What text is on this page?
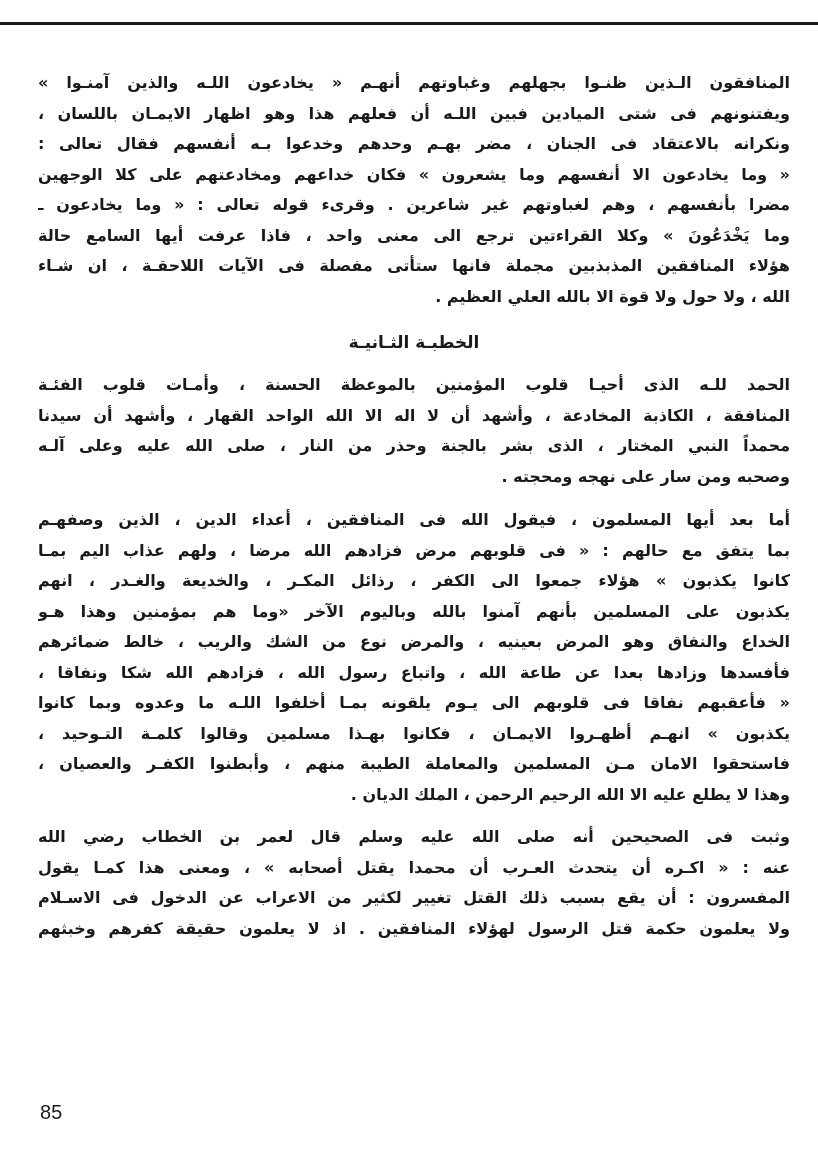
المنافقون الـذين ظنـوا بجهلهم وغباوتهم أنهـم « يخادعون اللـه والذين آمنـوا »
ويفتنونهم فى شتى الميادين فبين اللـه أن فعلهم هذا وهو اظهار الايمـان باللسان ،
ونكرانه بالاعتقاد فى الجنان ، مضر بهـم وحدهم وخدعوا بـه أنفسهم فقال تعالى :
« وما يخادعون الا أنفسهم وما يشعرون » فكان خداعهم ومخادعتهم على كلا الوجهين
مضرا بأنفسهم ، وهم لغباوتهم غير شاعرين . وقرىء قوله تعالى : « وما يخادعون ـ
وما يَخْدَعُونَ » وكلا القراءتين ترجع الى معنى واحد ، فاذا عرفت أيها السامع حالة
هؤلاء المنافقين المذبذبين مجملة فانها ستأتى مفصلة فى الآيات اللاحقـة ، ان شـاء
الله ، ولا حول ولا قوة الا بالله العلي العظيم .
الخطبـة الثـانيـة
الحمد للـه الذى أحيـا قلوب المؤمنين بالموعظة الحسنة ، وأمـات قلوب الفئـة
المنافقة ، الكاذبة المخادعة ، وأشهد أن لا اله الا الله الواحد القهار ، وأشهد أن سيدنا
محمداً النبي المختار ، الذى بشر بالجنة وحذر من النار ، صلى الله عليه وعلى آلـه
وصحبه ومن سار على نهجه ومحجته .
أما بعد أيها المسلمون ، فيقول الله فى المنافقين ، أعداء الدين ، الذين وصفهـم
بما يتفق مع حالهم : « فى قلوبهم مرض فزادهم الله مرضا ، ولهم عذاب اليم بمـا
كانوا يكذبون » هؤلاء جمعوا الى الكفر ، رذائل المكـر ، والخديعة والغـدر ، انهم
يكذبون على المسلمين بأنهم آمنوا بالله وباليوم الآخر «وما هم بمؤمنين وهذا هـو
الخداع والنفاق وهو المرض بعينيه ، والمرض نوع من الشك والريب ، خالط ضمائرهم
فأفسدها وزادها بعدا عن طاعة الله ، واتباع رسول الله ، فزادهم الله شكا ونفاقا ،
« فأعقبهم نفاقا فى قلوبهم الى يـوم يلقونه بمـا أخلفوا اللـه ما وعدوه وبما كانوا
يكذبون » انهـم أظهـروا الايمـان ، فكانوا بهـذا مسلمين وقالوا كلمـة التـوحيد ،
فاستحقوا الامان مـن المسلمين والمعاملة الطيبة منهم ، وأبطنوا الكفـر والعصيان ،
وهذا لا يطلع عليه الا الله الرحيم الرحمن ، الملك الديان .
وثبت فى الصحيحين أنه صلى الله عليه وسلم قال لعمر بن الخطاب رضي الله
عنه : « اكـره أن يتحدث العـرب أن محمدا يقتل أصحابه » ، ومعنى هذا كمـا يقول
المفسرون : أن يقع بسبب ذلك القتل تغيير لكثير من الاعراب عن الدخول فى الاسـلام
ولا يعلمون حكمة قتل الرسول لهؤلاء المنافقين . اذ لا يعلمون حقيقة كفرهم وخبثهم
85
